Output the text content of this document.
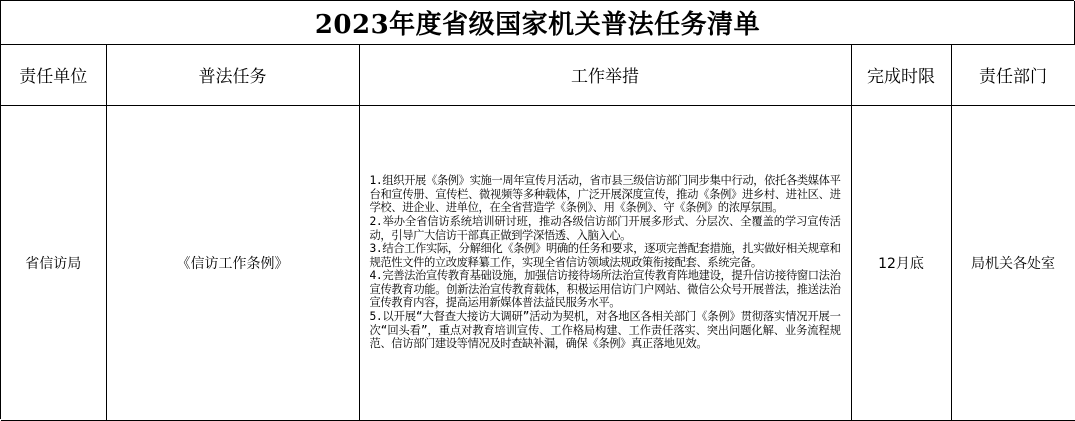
2023年度省级国家机关普法任务清单
责任单位	普法任务	工作举措	完成时限	责任部门
省信访局	《信访工作条例》	1.组织开展《条例》实施一周年宣传月活动，省市县三级信访部门同步集中行动，依托各类媒体平台和宣传册、宣传栏、微视频等多种载体，广泛开展深度宣传，推动《条例》进乡村、进社区、进学校、进企业、进单位，在全省营造学《条例》、用《条例》、守《条例》的浓厚氛围。

2.举办全省信访系统培训研讨班，推动各级信访部门开展多形式、分层次、全覆盖的学习宣传活动，引导广大信访干部真正做到学深悟透、入脑入心。

3.结合工作实际，分解细化《条例》明确的任务和要求，逐项完善配套措施，扎实做好相关规章和规范性文件的立改废释纂工作，实现全省信访领域法规政策衔接配套、系统完备。

4.完善法治宣传教育基础设施，加强信访接待场所法治宣传教育阵地建设，提升信访接待窗口法治宣传教育功能。创新法治宣传教育载体，积极运用信访门户网站、微信公众号开展普法，推送法治宣传教育内容，提高运用新媒体普法益民服务水平。

5.以开展“大督查大接访大调研”活动为契机，对各地区各相关部门《条例》贯彻落实情况开展一次“回头看”，重点对教育培训宣传、工作格局构建、工作责任落实、突出问题化解、业务流程规范、信访部门建设等情况及时查缺补漏，确保《条例》真正落地见效。	12月底	局机关各处室
